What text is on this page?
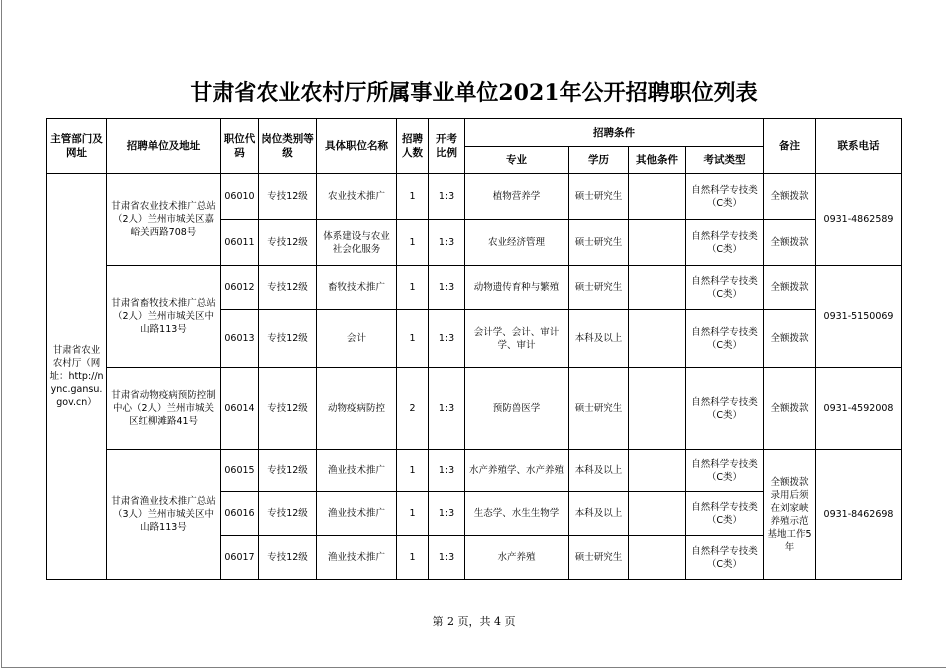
甘肃省农业农村厅所属事业单位2021年公开招聘职位列表
主管部门及网址	招聘单位及地址	职位代码	岗位类别等级	具体职位名称	招聘人数	开考比例	招聘条件				备注	联系电话
							专业	学历	其他条件	考试类型		
甘肃省农业农村厅（网址：http://nync.gansu.gov.cn）	甘肃省农业技术推广总站（2人）兰州市城关区嘉峪关西路708号	06010	专技12级	农业技术推广	1	1:3	植物营养学	硕士研究生		自然科学专技类（C类）	全额拨款	0931-4862589
		06011	专技12级	体系建设与农业社会化服务	1	1:3	农业经济管理	硕士研究生		自然科学专技类（C类）	全额拨款	
	甘肃省畜牧技术推广总站（2人）兰州市城关区中山路113号	06012	专技12级	畜牧技术推广	1	1:3	动物遗传育种与繁殖	硕士研究生		自然科学专技类（C类）	全额拨款	0931-5150069
		06013	专技12级	会计	1	1:3	会计学、会计、审计学、审计	本科及以上		自然科学专技类（C类）	全额拨款	
	甘肃省动物疫病预防控制中心（2人）兰州市城关区红柳滩路41号	06014	专技12级	动物疫病防控	2	1:3	预防兽医学	硕士研究生		自然科学专技类（C类）	全额拨款	0931-4592008
	甘肃省渔业技术推广总站（3人）兰州市城关区中山路113号	06015	专技12级	渔业技术推广	1	1:3	水产养殖学、水产养殖	本科及以上		自然科学专技类（C类）	全额拨款录用后须在刘家峡养殖示范基地工作5年	0931-8462698
		06016	专技12级	渔业技术推广	1	1:3	生态学、水生生物学	本科及以上		自然科学专技类（C类）		
		06017	专技12级	渔业技术推广	1	1:3	水产养殖	硕士研究生		自然科学专技类（C类）		
第 2 页，共 4 页
